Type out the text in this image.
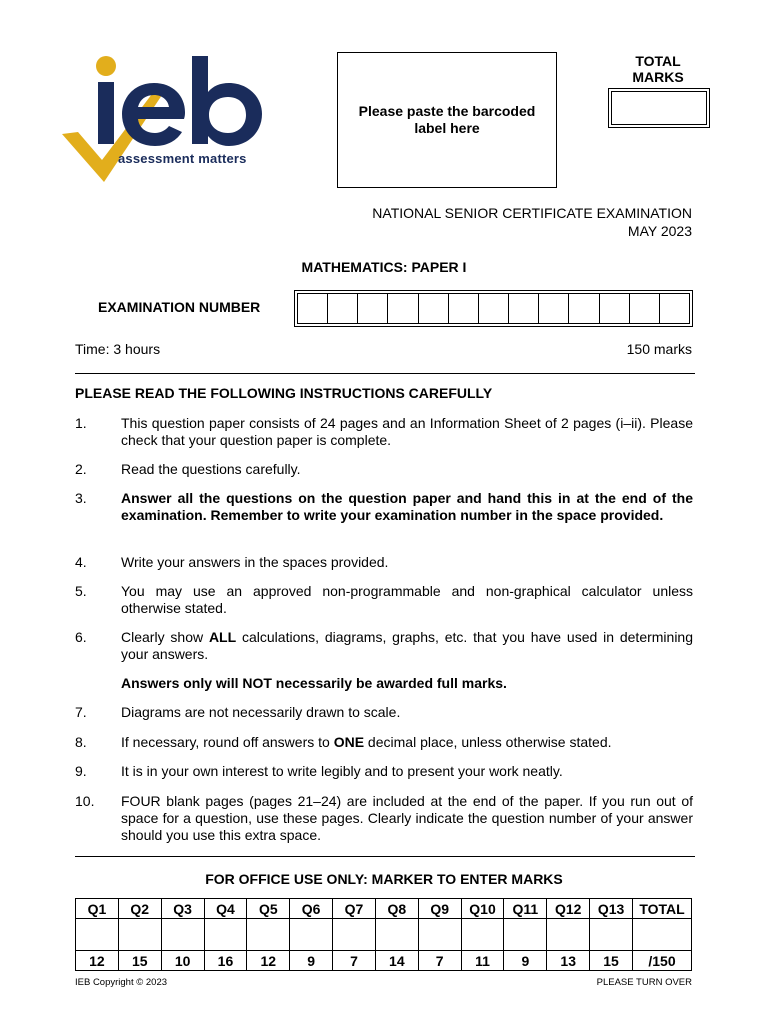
assessment matters
Please paste the barcoded label here
TOTAL MARKS
NATIONAL SENIOR CERTIFICATE EXAMINATION
MAY 2023
MATHEMATICS: PAPER I
EXAMINATION NUMBER
Time: 3 hours	150 marks
PLEASE READ THE FOLLOWING INSTRUCTIONS CAREFULLY
1. This question paper consists of 24 pages and an Information Sheet of 2 pages (i–ii). Please check that your question paper is complete.
2. Read the questions carefully.
3. Answer all the questions on the question paper and hand this in at the end of the examination. Remember to write your examination number in the space provided.
4. Write your answers in the spaces provided.
5. You may use an approved non-programmable and non-graphical calculator unless otherwise stated.
6. Clearly show ALL calculations, diagrams, graphs, etc. that you have used in determining your answers.
Answers only will NOT necessarily be awarded full marks.
7. Diagrams are not necessarily drawn to scale.
8. If necessary, round off answers to ONE decimal place, unless otherwise stated.
9. It is in your own interest to write legibly and to present your work neatly.
10. FOUR blank pages (pages 21–24) are included at the end of the paper. If you run out of space for a question, use these pages. Clearly indicate the question number of your answer should you use this extra space.
FOR OFFICE USE ONLY: MARKER TO ENTER MARKS
Q1	Q2	Q3	Q4	Q5	Q6	Q7	Q8	Q9	Q10	Q11	Q12	Q13	TOTAL

12	15	10	16	12	9	7	14	7	11	9	13	15	/150
IEB Copyright © 2023	PLEASE TURN OVER
